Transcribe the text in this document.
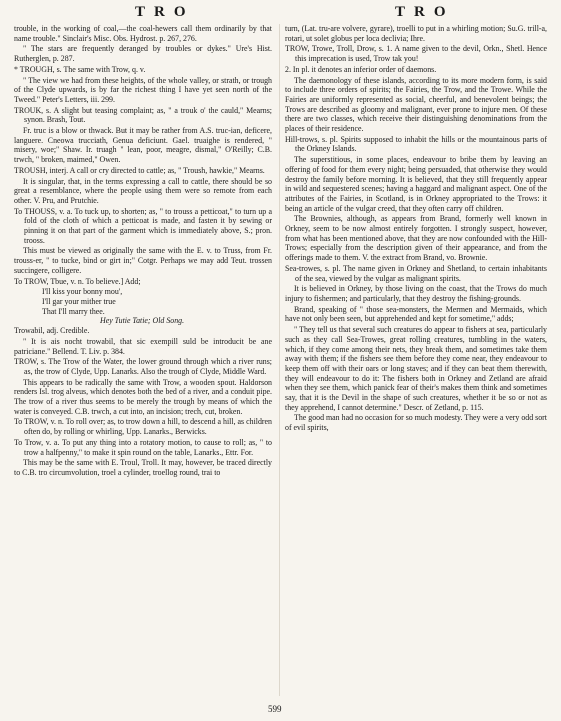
TRO	TRO

trouble, in the working of coal,—the coal-hewers call them ordinarily by that name trouble." Sinclair's Misc. Obs. Hydrost. p. 267, 276.

" The stars are frequently deranged by troubles or dykes." Ure's Hist. Rutherglen, p. 287.

* TROUGH, s. The same with Trow, q. v.

" The view we had from these heights, of the whole valley, or strath, or trough of the Clyde upwards, is by far the richest thing I have yet seen north of the Tweed." Peter's Letters, iii. 299.

TROUK, s. A slight but teasing complaint; as, " a trouk o' the cauld," Mearns; synon. Brash, Tout.

Fr. truc is a blow or thwack. But it may be rather from A.S. truc-ian, deficere, languere. Cneowa trucciath, Genua deficiunt. Gael. truaighe is rendered, " misery, woe;" Shaw. Ir. truagh " lean, poor, meagre, dismal," O'Reilly; C.B. trwch, " broken, maimed," Owen.

TROUSH, interj. A call or cry directed to cattle; as, " Troush, hawkie," Mearns.

It is singular, that, in the terms expressing a call to cattle, there should be so great a resemblance, where the people using them were so remote from each other. V. Pru, and Prutchie.

To THOUSS, v. a. To tuck up, to shorten; as, " to trouss a petticoat," to turn up a fold of the cloth of which a petticoat is made, and fasten it by sewing or pinning it on that part of the garment which is immediately above, S.; pron. trooss.

This must be viewed as originally the same with the E. v. to Truss, from Fr. trouss-er, " to tucke, bind or girt in;" Cotgr. Perhaps we may add Teut. trossen succingere, colligere.

To TROW, Tbue, v. n. To believe.] Add;

I'll kiss your bonny mou',

I'll gar your mither true

That I'll marry thee.

Hey Tutie Tatie; Old Song.

Trowabil, adj. Credible.

" It is ais nocht trowabil, that sic exempill suld be introducit be ane patriciane." Bellend. T. Liv. p. 384.

TROW, s. The Trow of the Water, the lower ground through which a river runs; as, the trow of Clyde, Upp. Lanarks. Also the trough of Clyde, Middle Ward.

This appears to be radically the same with Trow, a wooden spout. Haldorson renders Isl. trog alveus, which denotes both the bed of a river, and a conduit pipe. The trow of a river thus seems to be merely the trough by means of which the water is conveyed. C.B. trwch, a cut into, an incision; trech, cut, broken.

To TROW, v. n. To roll over; as, to trow down a hill, to descend a hill, as children often do, by rolling or whirling, Upp. Lanarks., Berwicks.

To Trow, v. a. To put any thing into a rotatory motion, to cause to roll; as, " to trow a halfpenny," to make it spin round on the table, Lanarks., Ettr. For.

This may be the same with E. Troul, Troll. It may, however, be traced directly to C.B. tro circumvolution, troel a cylinder, troellog round, trai to

turn, (Lat. tru-are volvere, gyrare), troelli to put in a whirling motion; Su.G. trill-a, rotari, ut solet globus per loca declivia; Ihre.

TROW, Trowe, Troll, Drow, s. 1. A name given to the devil, Orkn., Shetl. Hence this imprecation is used, Trow tak you!

2. In pl. it denotes an inferior order of daemons.

The daemonology of these islands, according to its more modern form, is said to include three orders of spirits; the Fairies, the Trow, and the Trowe. While the Fairies are uniformly represented as social, cheerful, and benevolent beings; the Trows are described as gloomy and malignant, ever prone to injure men. Of these there are two classes, which receive their distinguishing denominations from the places of their residence.

Hill-trows, s. pl. Spirits supposed to inhabit the hills or the mountainous parts of the Orkney Islands.

The superstitious, in some places, endeavour to bribe them by leaving an offering of food for them every night; being persuaded, that otherwise they would destroy the family before morning. It is believed, that they still frequently appear in wild and sequestered scenes; having a haggard and malignant aspect. One of the attributes of the Fairies, in Scotland, is in Orkney appropriated to the Trows: it being an article of the vulgar creed, that they often carry off children.

The Brownies, although, as appears from Brand, formerly well known in Orkney, seem to be now almost entirely forgotten. I strongly suspect, however, from what has been mentioned above, that they are now confounded with the Hill-Trows; especially from the description given of their appearance, and from the offerings made to them. V. the extract from Brand, vo. Brownie.

Sea-trowes, s. pl. The name given in Orkney and Shetland, to certain inhabitants of the sea, viewed by the vulgar as malignant spirits.

It is believed in Orkney, by those living on the coast, that the Trows do much injury to fishermen; and particularly, that they destroy the fishing-grounds.

Brand, speaking of " those sea-monsters, the Mermen and Mermaids, which have not only been seen, but apprehended and kept for sometime," adds;

" They tell us that several such creatures do appear to fishers at sea, particularly such as they call Sea-Trowes, great rolling creatures, tumbling in the waters, which, if they come among their nets, they break them, and sometimes take them away with them; if the fishers see them before they come near, they endeavour to keep them off with their oars or long staves; and if they can beat them therewith, they will endeavour to do it: The fishers both in Orkney and Zetland are afraid when they see them, which panick fear of their's makes them think and sometimes say, that it is the Devil in the shape of such creatures, whether it be so or not as they apprehend, I cannot determine." Descr. of Zetland, p. 115.

The good man had no occasion for so much modesty. They were a very odd sort of evil spirits,

599
